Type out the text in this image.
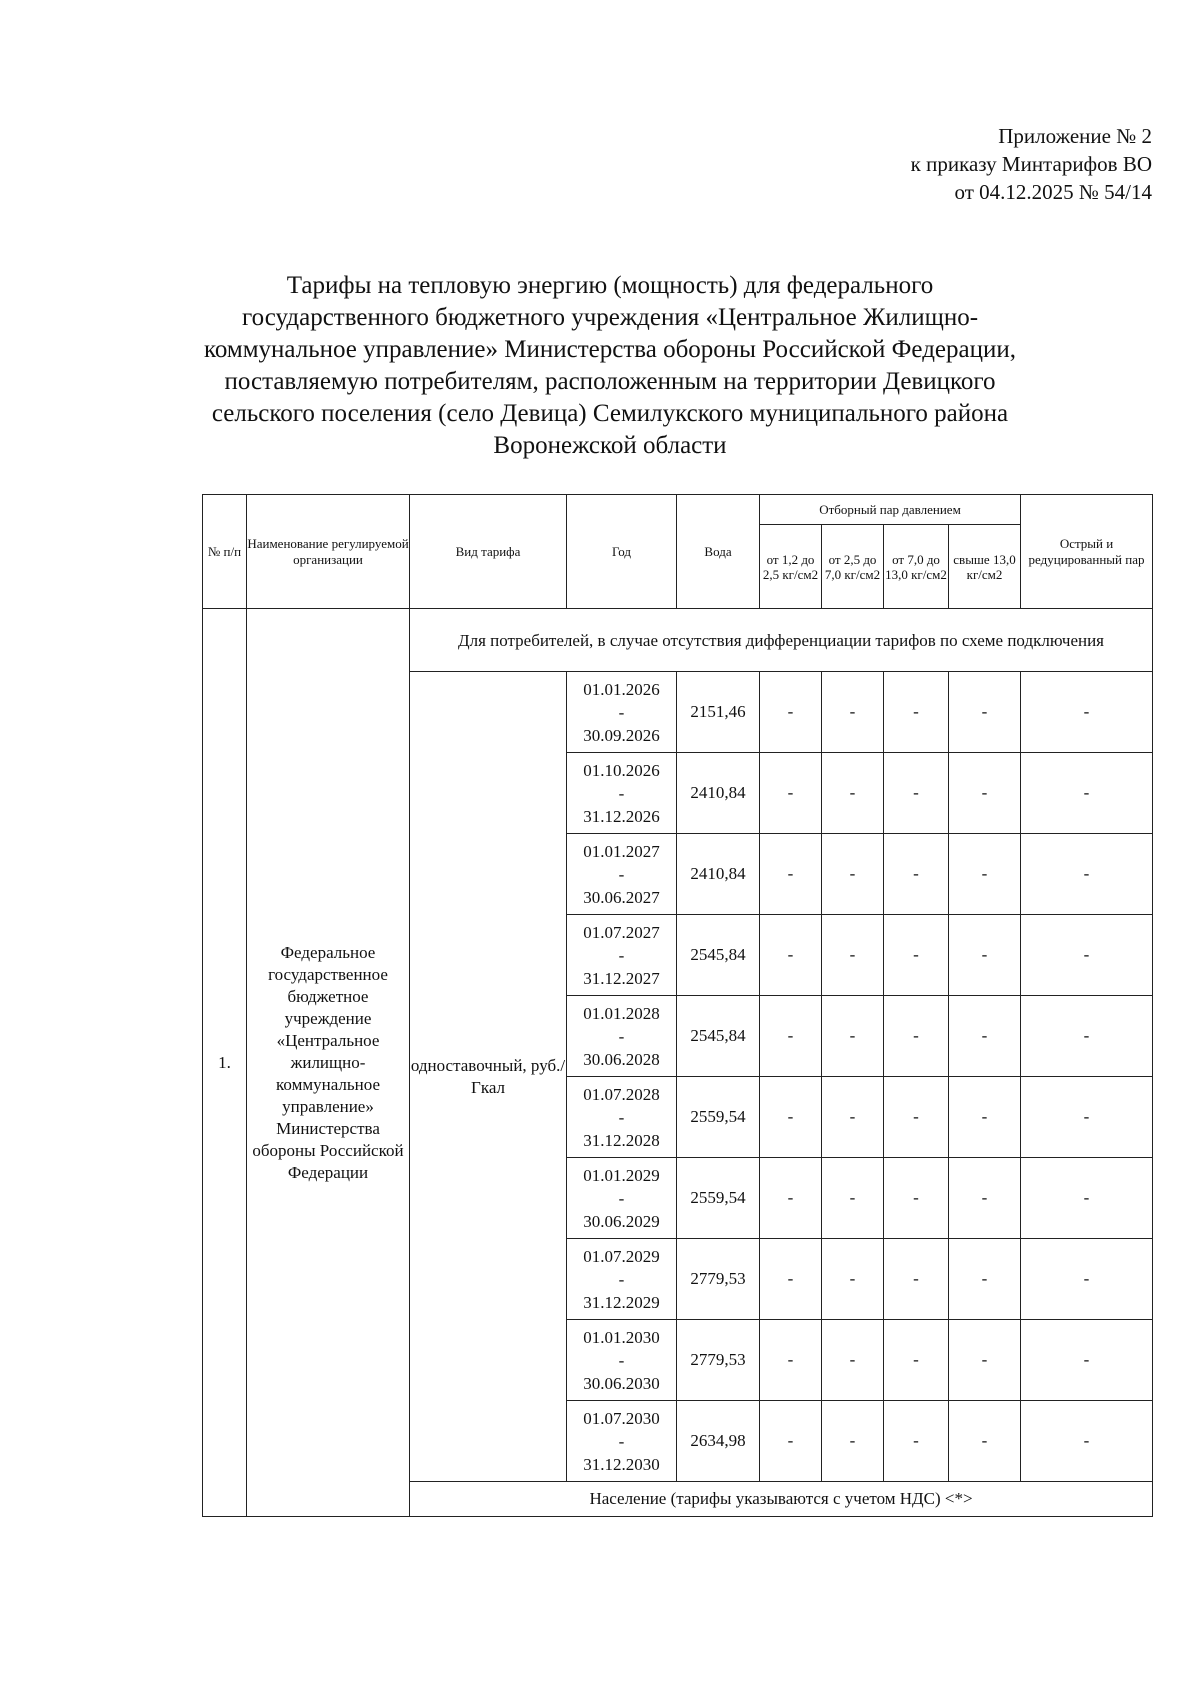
Приложение № 2
к приказу Минтарифов ВО
от 04.12.2025 № 54/14
Тарифы на тепловую энергию (мощность) для федерального
государственного бюджетного учреждения «Центральное Жилищно-
коммунальное управление» Министерства обороны Российской Федерации,
поставляемую потребителям, расположенным на территории Девицкого
сельского поселения (село Девица) Семилукского муниципального района
Воронежской области
№ п/п	Наименование регулируемой организации	Вид тарифа	Год	Вода	Отборный пар давлением				Острый и редуцированный пар
					от 1,2 до 2,5 кг/см2	от 2,5 до 7,0 кг/см2	от 7,0 до 13,0 кг/см2	свыше 13,0 кг/см2	
1.	Федеральное государственное бюджетное учреждение «Центральное жилищно-коммунальное управление» Министерства обороны Российской Федерации	Для потребителей, в случае отсутствия дифференциации тарифов по схеме подключения							
		одноставочный, руб./Гкал	01.01.2026
-
30.09.2026	2151,46	-	-	-	-	-

			01.10.2026
-
31.12.2026	2410,84	-	-	-	-	-

			01.01.2027
-
30.06.2027	2410,84	-	-	-	-	-

			01.07.2027
-
31.12.2027	2545,84	-	-	-	-	-

			01.01.2028
-
30.06.2028	2545,84	-	-	-	-	-

			01.07.2028
-
31.12.2028	2559,54	-	-	-	-	-

			01.01.2029
-
30.06.2029	2559,54	-	-	-	-	-

			01.07.2029
-
31.12.2029	2779,53	-	-	-	-	-

			01.01.2030
-
30.06.2030	2779,53	-	-	-	-	-

			01.07.2030
-
31.12.2030	2634,98	-	-	-	-	-
		Население (тарифы указываются с учетом НДС) <*>							
